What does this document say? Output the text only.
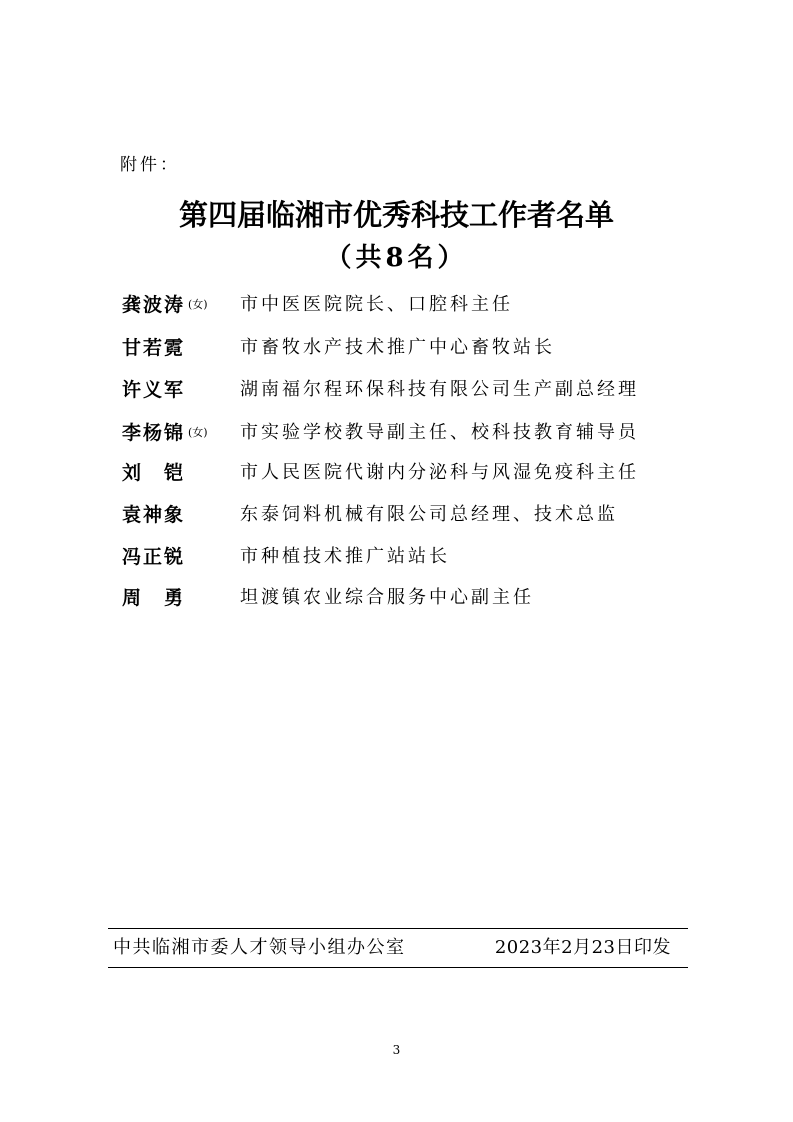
附件：
第四届临湘市优秀科技工作者名单
（共8名）
龚波涛 (女) 市中医医院院长、口腔科主任
甘若霓	市畜牧水产技术推广中心畜牧站长
许义军	湖南福尔程环保科技有限公司生产副总经理
李杨锦 (女) 市实验学校教导副主任、校科技教育辅导员
刘　铠	市人民医院代谢内分泌科与风湿免疫科主任
袁神象	东泰饲料机械有限公司总经理、技术总监
冯正锐	市种植技术推广站站长
周　勇	坦渡镇农业综合服务中心副主任
中共临湘市委人才领导小组办公室	2023年2月23日印发
3
